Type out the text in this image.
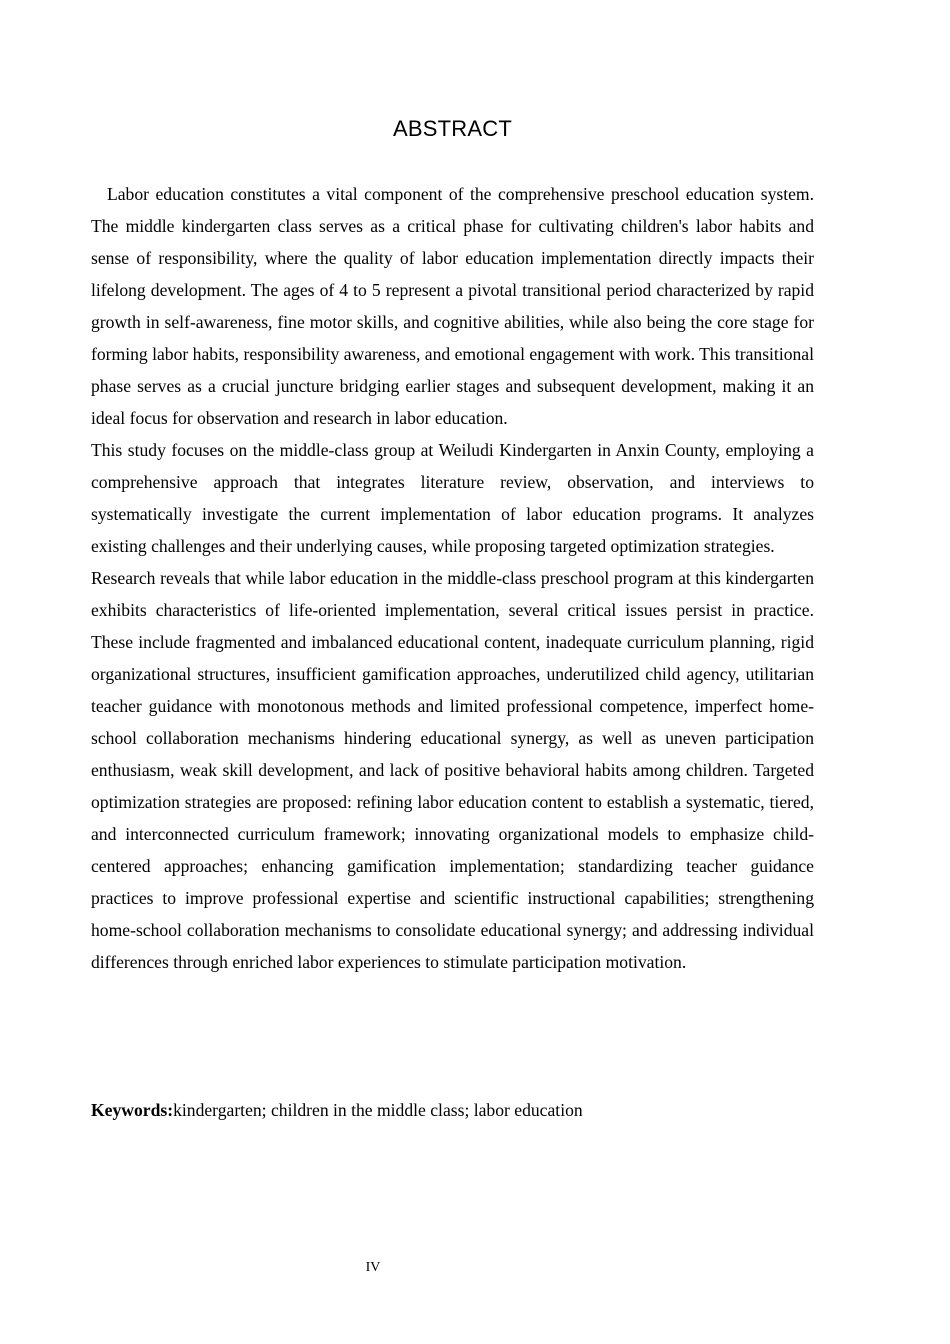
ABSTRACT

Labor education constitutes a vital component of the comprehensive preschool education system. The middle kindergarten class serves as a critical phase for cultivating children's labor habits and sense of responsibility, where the quality of labor education implementation directly impacts their lifelong development. The ages of 4 to 5 represent a pivotal transitional period characterized by rapid growth in self-awareness, fine motor skills, and cognitive abilities, while also being the core stage for forming labor habits, responsibility awareness, and emotional engagement with work. This transitional phase serves as a crucial juncture bridging earlier stages and subsequent development, making it an ideal focus for observation and research in labor education.

This study focuses on the middle-class group at Weiludi Kindergarten in Anxin County, employing a comprehensive approach that integrates literature review, observation, and interviews to systematically investigate the current implementation of labor education programs. It analyzes existing challenges and their underlying causes, while proposing targeted optimization strategies.

Research reveals that while labor education in the middle-class preschool program at this kindergarten exhibits characteristics of life-oriented implementation, several critical issues persist in practice. These include fragmented and imbalanced educational content, inadequate curriculum planning, rigid organizational structures, insufficient gamification approaches, underutilized child agency, utilitarian teacher guidance with monotonous methods and limited professional competence, imperfect home-school collaboration mechanisms hindering educational synergy, as well as uneven participation enthusiasm, weak skill development, and lack of positive behavioral habits among children. Targeted optimization strategies are proposed: refining labor education content to establish a systematic, tiered, and interconnected curriculum framework; innovating organizational models to emphasize child-centered approaches; enhancing gamification implementation; standardizing teacher guidance practices to improve professional expertise and scientific instructional capabilities; strengthening home-school collaboration mechanisms to consolidate educational synergy; and addressing individual differences through enriched labor experiences to stimulate participation motivation.

Keywords:kindergarten; children in the middle class; labor education
IV
